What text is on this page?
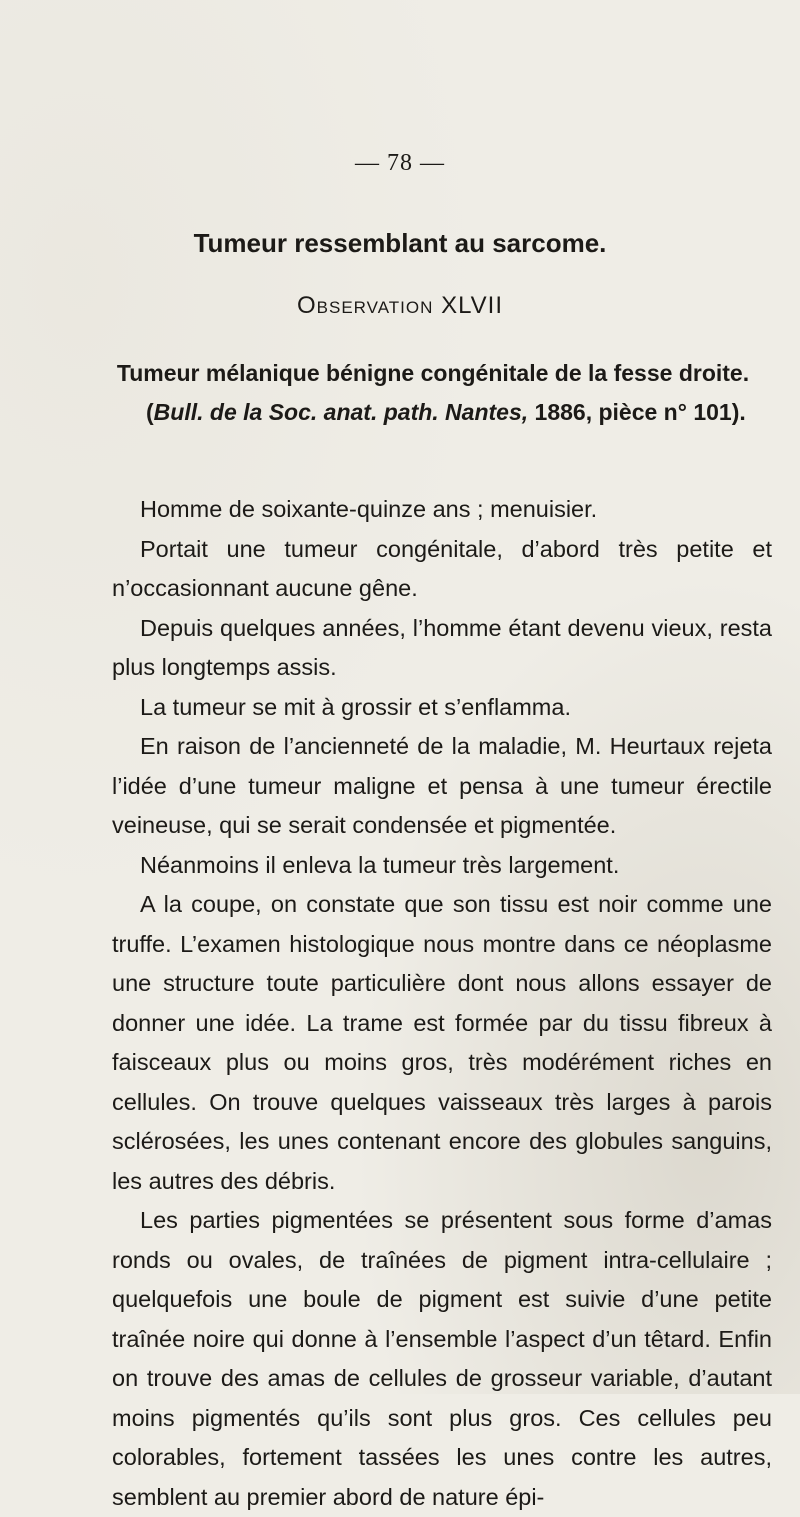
— 78 —
Tumeur ressemblant au sarcome.
Observation XLVII
Tumeur mélanique bénigne congénitale de la fesse droite.
(Bull. de la Soc. anat. path. Nantes, 1886, pièce n° 101).

Homme de soixante-quinze ans ; menuisier.

Portait une tumeur congénitale, d’abord très petite et n’occasionnant aucune gêne.

Depuis quelques années, l’homme étant devenu vieux, resta plus longtemps assis.

La tumeur se mit à grossir et s’enflamma.

En raison de l’ancienneté de la maladie, M. Heurtaux rejeta l’idée d’une tumeur maligne et pensa à une tumeur érectile veineuse, qui se serait condensée et pigmentée.

Néanmoins il enleva la tumeur très largement.

A la coupe, on constate que son tissu est noir comme une truffe. L’examen histologique nous montre dans ce néoplasme une structure toute particulière dont nous allons essayer de donner une idée. La trame est formée par du tissu fibreux à faisceaux plus ou moins gros, très modérément riches en cellules. On trouve quelques vaisseaux très larges à parois sclérosées, les unes contenant encore des globules sanguins, les autres des débris.

Les parties pigmentées se présentent sous forme d’amas ronds ou ovales, de traînées de pigment intra-cellulaire ; quelquefois une boule de pigment est suivie d’une petite traînée noire qui donne à l’ensemble l’aspect d’un têtard. Enfin on trouve des amas de cellules de grosseur variable, d’autant moins pigmentés qu’ils sont plus gros. Ces cellules peu colorables, fortement tassées les unes contre les autres, semblent au premier abord de nature épi-
